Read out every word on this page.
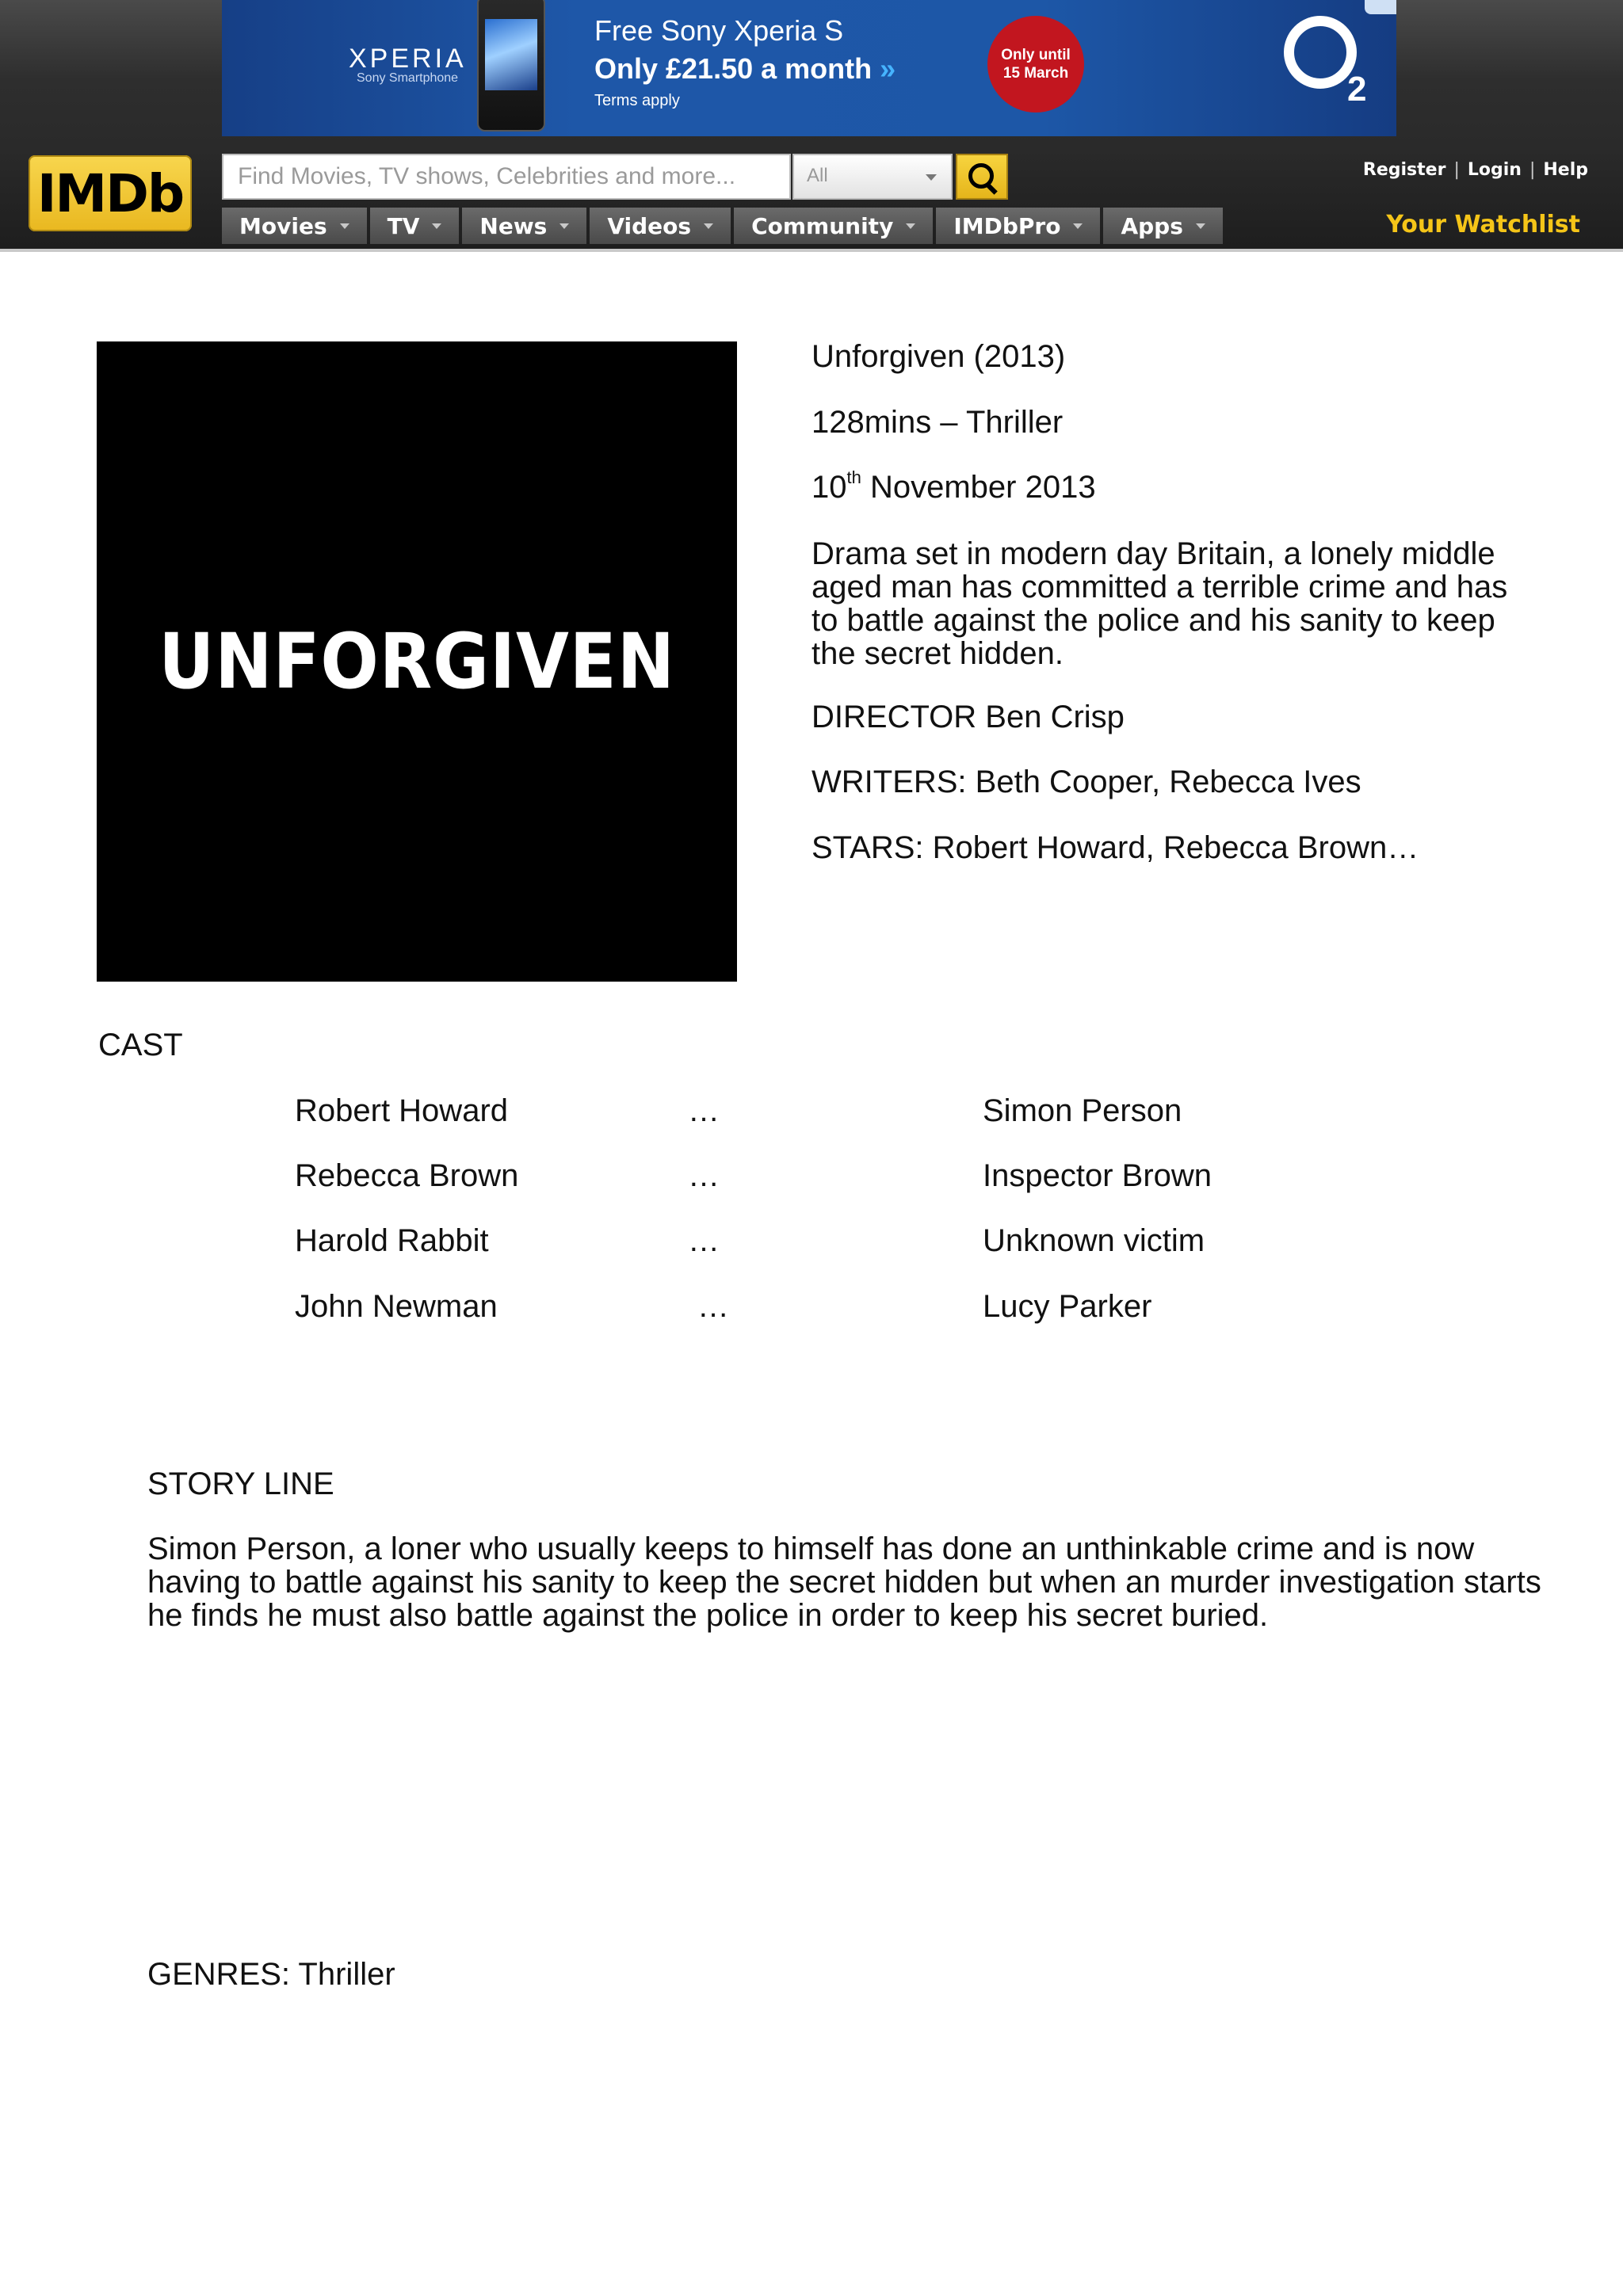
XPERIA
Sony Smartphone
Free Sony Xperia S
Only £21.50 a month »
Terms apply
Only until
15 March	2
IMDb
Find Movies, TV shows, Celebrities and more...	All
Movies	TV	News	Videos	Community	IMDbPro	Apps
Register | Login | Help
Your Watchlist
UNFORGIVEN
Unforgiven (2013)
128mins – Thriller
10th November 2013
Drama set in modern day Britain, a lonely middle aged man has committed a terrible crime and has to battle against the police and his sanity to keep the secret hidden.
DIRECTOR Ben Crisp
WRITERS: Beth Cooper, Rebecca Ives
STARS: Robert Howard, Rebecca Brown…
CAST
Robert Howard	…	Simon Person
Rebecca Brown	…	Inspector Brown
Harold Rabbit	…	Unknown victim
John Newman	…	Lucy Parker
STORY LINE
Simon Person, a loner who usually keeps to himself has done an unthinkable crime and is now having to battle against his sanity to keep the secret hidden but when an murder investigation starts he finds he must also battle against the police in order to keep his secret buried.
GENRES: Thriller
